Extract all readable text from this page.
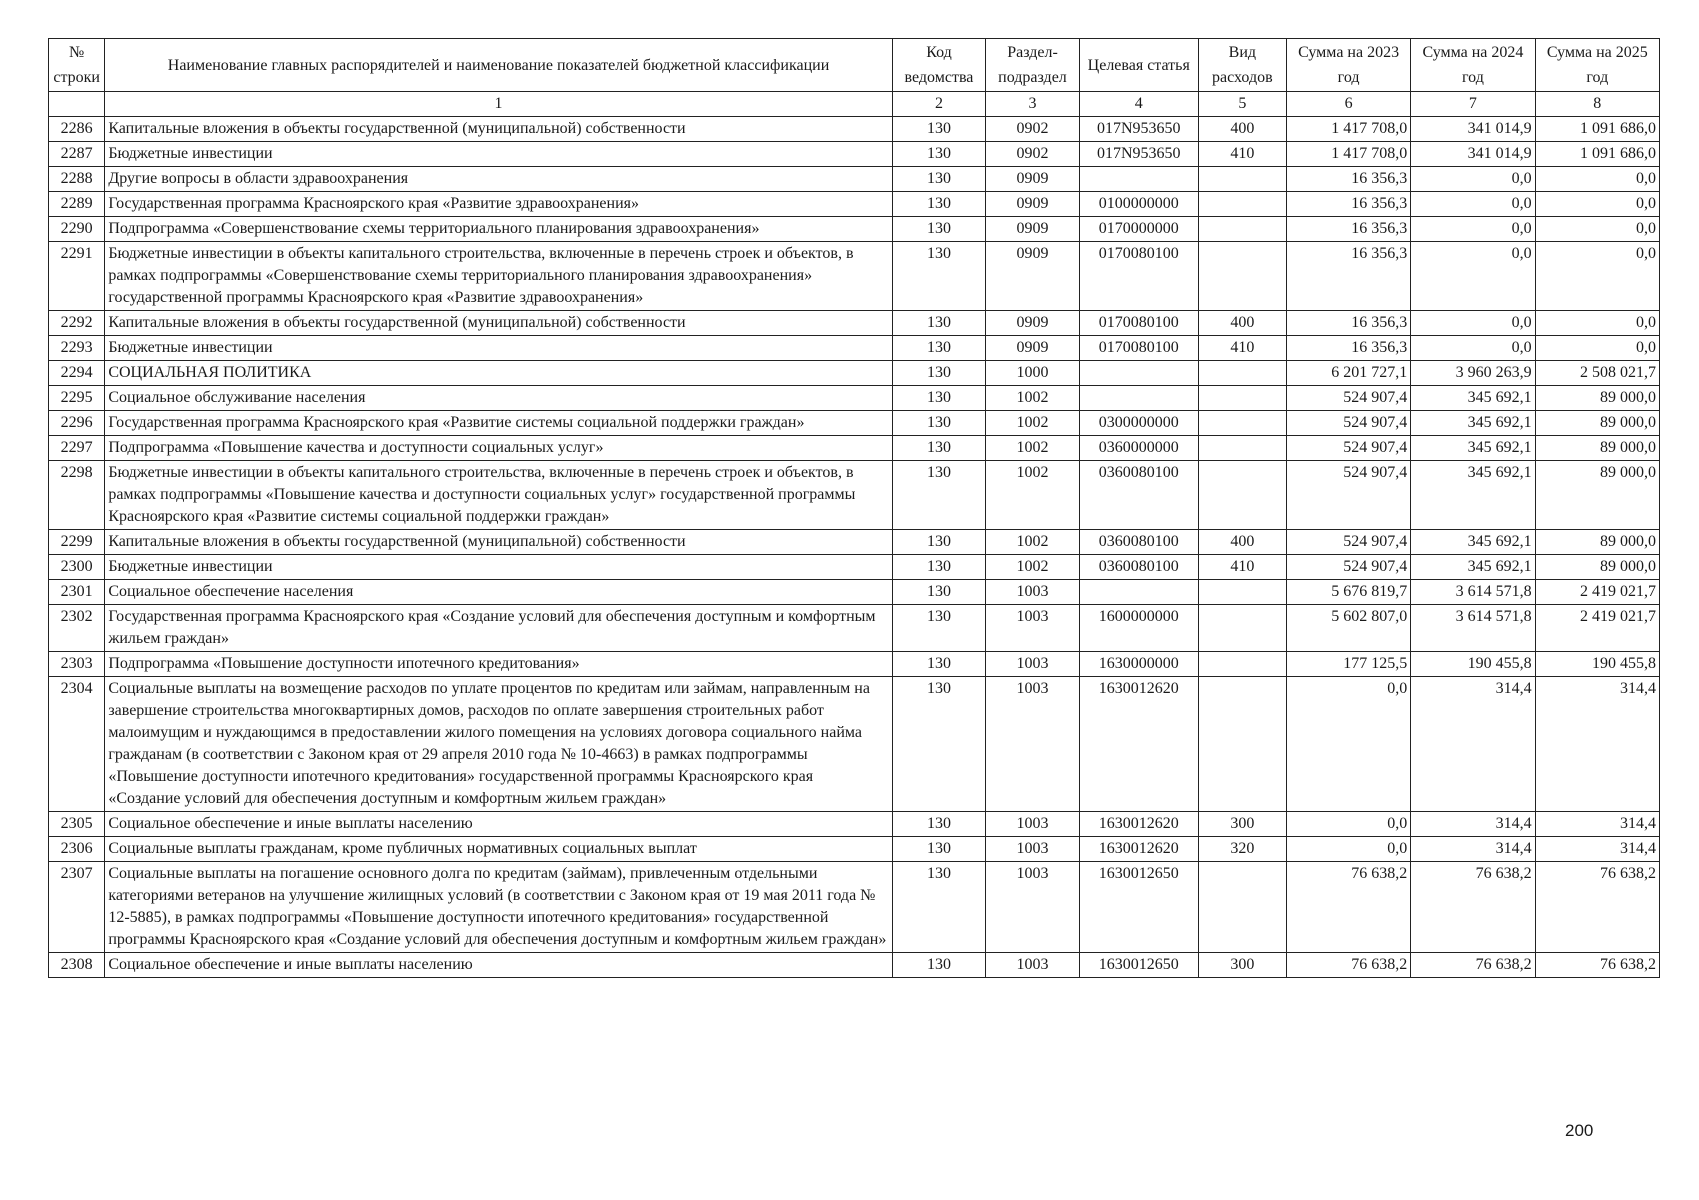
№ строки	Наименование главных распорядителей и наименование показателей бюджетной классификации	Код ведомства	Раздел-подраздел	Целевая статья	Вид расходов	Сумма на 2023 год	Сумма на 2024 год	Сумма на 2025 год
	1	2	3	4	5	6	7	8
2286	Капитальные вложения в объекты государственной (муниципальной) собственности	130	0902	017N953650	400	1 417 708,0	341 014,9	1 091 686,0
2287	Бюджетные инвестиции	130	0902	017N953650	410	1 417 708,0	341 014,9	1 091 686,0
2288	Другие вопросы в области здравоохранения	130	0909			16 356,3	0,0	0,0
2289	Государственная программа Красноярского края «Развитие здравоохранения»	130	0909	0100000000		16 356,3	0,0	0,0
2290	Подпрограмма «Совершенствование схемы территориального планирования здравоохранения»	130	0909	0170000000		16 356,3	0,0	0,0
2291	Бюджетные инвестиции в объекты капитального строительства, включенные в перечень строек и объектов, в рамках подпрограммы «Совершенствование схемы территориального планирования здравоохранения» государственной программы Красноярского края «Развитие здравоохранения»	130	0909	0170080100		16 356,3	0,0	0,0
2292	Капитальные вложения в объекты государственной (муниципальной) собственности	130	0909	0170080100	400	16 356,3	0,0	0,0
2293	Бюджетные инвестиции	130	0909	0170080100	410	16 356,3	0,0	0,0
2294	СОЦИАЛЬНАЯ ПОЛИТИКА	130	1000			6 201 727,1	3 960 263,9	2 508 021,7
2295	Социальное обслуживание населения	130	1002			524 907,4	345 692,1	89 000,0
2296	Государственная программа Красноярского края «Развитие системы социальной поддержки граждан»	130	1002	0300000000		524 907,4	345 692,1	89 000,0
2297	Подпрограмма «Повышение качества и доступности социальных услуг»	130	1002	0360000000		524 907,4	345 692,1	89 000,0
2298	Бюджетные инвестиции в объекты капитального строительства, включенные в перечень строек и объектов, в рамках подпрограммы «Повышение качества и доступности социальных услуг» государственной программы Красноярского края «Развитие системы социальной поддержки граждан»	130	1002	0360080100		524 907,4	345 692,1	89 000,0
2299	Капитальные вложения в объекты государственной (муниципальной) собственности	130	1002	0360080100	400	524 907,4	345 692,1	89 000,0
2300	Бюджетные инвестиции	130	1002	0360080100	410	524 907,4	345 692,1	89 000,0
2301	Социальное обеспечение населения	130	1003			5 676 819,7	3 614 571,8	2 419 021,7
2302	Государственная программа Красноярского края «Создание условий для обеспечения доступным и комфортным жильем граждан»	130	1003	1600000000		5 602 807,0	3 614 571,8	2 419 021,7
2303	Подпрограмма «Повышение доступности ипотечного кредитования»	130	1003	1630000000		177 125,5	190 455,8	190 455,8
2304	Социальные выплаты на возмещение расходов по уплате процентов по кредитам или займам, направленным на завершение строительства многоквартирных домов, расходов по оплате завершения строительных работ малоимущим и нуждающимся в предоставлении жилого помещения на условиях договора социального найма гражданам (в соответствии с Законом края от 29 апреля 2010 года № 10-4663) в рамках подпрограммы «Повышение доступности ипотечного кредитования» государственной программы Красноярского края «Создание условий для обеспечения доступным и комфортным жильем граждан»	130	1003	1630012620		0,0	314,4	314,4
2305	Социальное обеспечение и иные выплаты населению	130	1003	1630012620	300	0,0	314,4	314,4
2306	Социальные выплаты гражданам, кроме публичных нормативных социальных выплат	130	1003	1630012620	320	0,0	314,4	314,4
2307	Социальные выплаты на погашение основного долга по кредитам (займам), привлеченным отдельными категориями ветеранов на улучшение жилищных условий (в соответствии с Законом края от 19 мая 2011 года № 12-5885), в рамках подпрограммы «Повышение доступности ипотечного кредитования» государственной программы Красноярского края «Создание условий для обеспечения доступным и комфортным жильем граждан»	130	1003	1630012650		76 638,2	76 638,2	76 638,2
2308	Социальное обеспечение и иные выплаты населению	130	1003	1630012650	300	76 638,2	76 638,2	76 638,2
200
